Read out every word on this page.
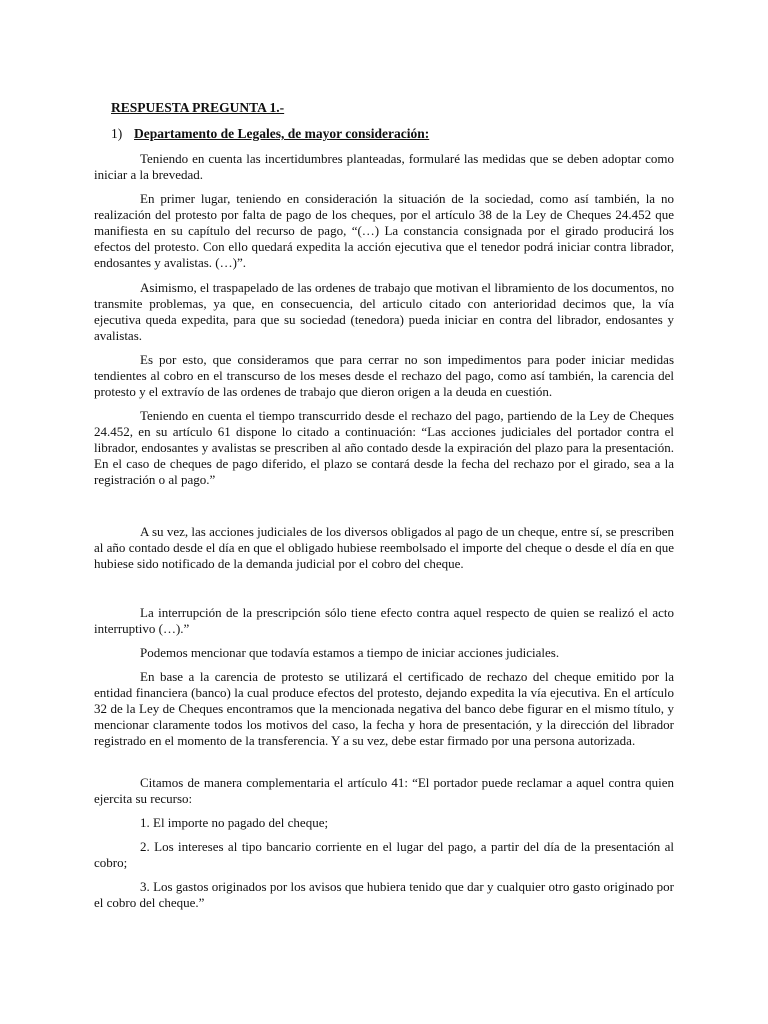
RESPUESTA PREGUNTA 1.-
1) Departamento de Legales, de mayor consideración:

Teniendo en cuenta las incertidumbres planteadas, formularé las medidas que se deben adoptar como iniciar a la brevedad.

En primer lugar, teniendo en consideración la situación de la sociedad, como así también, la no realización del protesto por falta de pago de los cheques, por el artículo 38 de la Ley de Cheques 24.452 que manifiesta en su capítulo del recurso de pago, “(…) La constancia consignada por el girado producirá los efectos del protesto. Con ello quedará expedita la acción ejecutiva que el tenedor podrá iniciar contra librador, endosantes y avalistas. (…)”.

Asimismo, el traspapelado de las ordenes de trabajo que motivan el libramiento de los documentos, no transmite problemas, ya que, en consecuencia, del articulo citado con anterioridad decimos que, la vía ejecutiva queda expedita, para que su sociedad (tenedora) pueda iniciar en contra del librador, endosantes y avalistas.

Es por esto, que consideramos que para cerrar no son impedimentos para poder iniciar medidas tendientes al cobro en el transcurso de los meses desde el rechazo del pago, como así también, la carencia del protesto y el extravío de las ordenes de trabajo que dieron origen a la deuda en cuestión.

Teniendo en cuenta el tiempo transcurrido desde el rechazo del pago, partiendo de la Ley de Cheques 24.452, en su artículo 61 dispone lo citado a continuación: “Las acciones judiciales del portador contra el librador, endosantes y avalistas se prescriben al año contado desde la expiración del plazo para la presentación. En el caso de cheques de pago diferido, el plazo se contará desde la fecha del rechazo por el girado, sea a la registración o al pago.”

A su vez, las acciones judiciales de los diversos obligados al pago de un cheque, entre sí, se prescriben al año contado desde el día en que el obligado hubiese reembolsado el importe del cheque o desde el día en que hubiese sido notificado de la demanda judicial por el cobro del cheque.

La interrupción de la prescripción sólo tiene efecto contra aquel respecto de quien se realizó el acto interruptivo (…).”

Podemos mencionar que todavía estamos a tiempo de iniciar acciones judiciales.

En base a la carencia de protesto se utilizará el certificado de rechazo del cheque emitido por la entidad financiera (banco) la cual produce efectos del protesto, dejando expedita la vía ejecutiva. En el artículo 32 de la Ley de Cheques encontramos que la mencionada negativa del banco debe figurar en el mismo título, y mencionar claramente todos los motivos del caso, la fecha y hora de presentación, y la dirección del librador registrado en el momento de la transferencia. Y a su vez, debe estar firmado por una persona autorizada.

Citamos de manera complementaria el artículo 41: “El portador puede reclamar a aquel contra quien ejercita su recurso:

1. El importe no pagado del cheque;

2. Los intereses al tipo bancario corriente en el lugar del pago, a partir del día de la presentación al cobro;

3. Los gastos originados por los avisos que hubiera tenido que dar y cualquier otro gasto originado por el cobro del cheque.”
